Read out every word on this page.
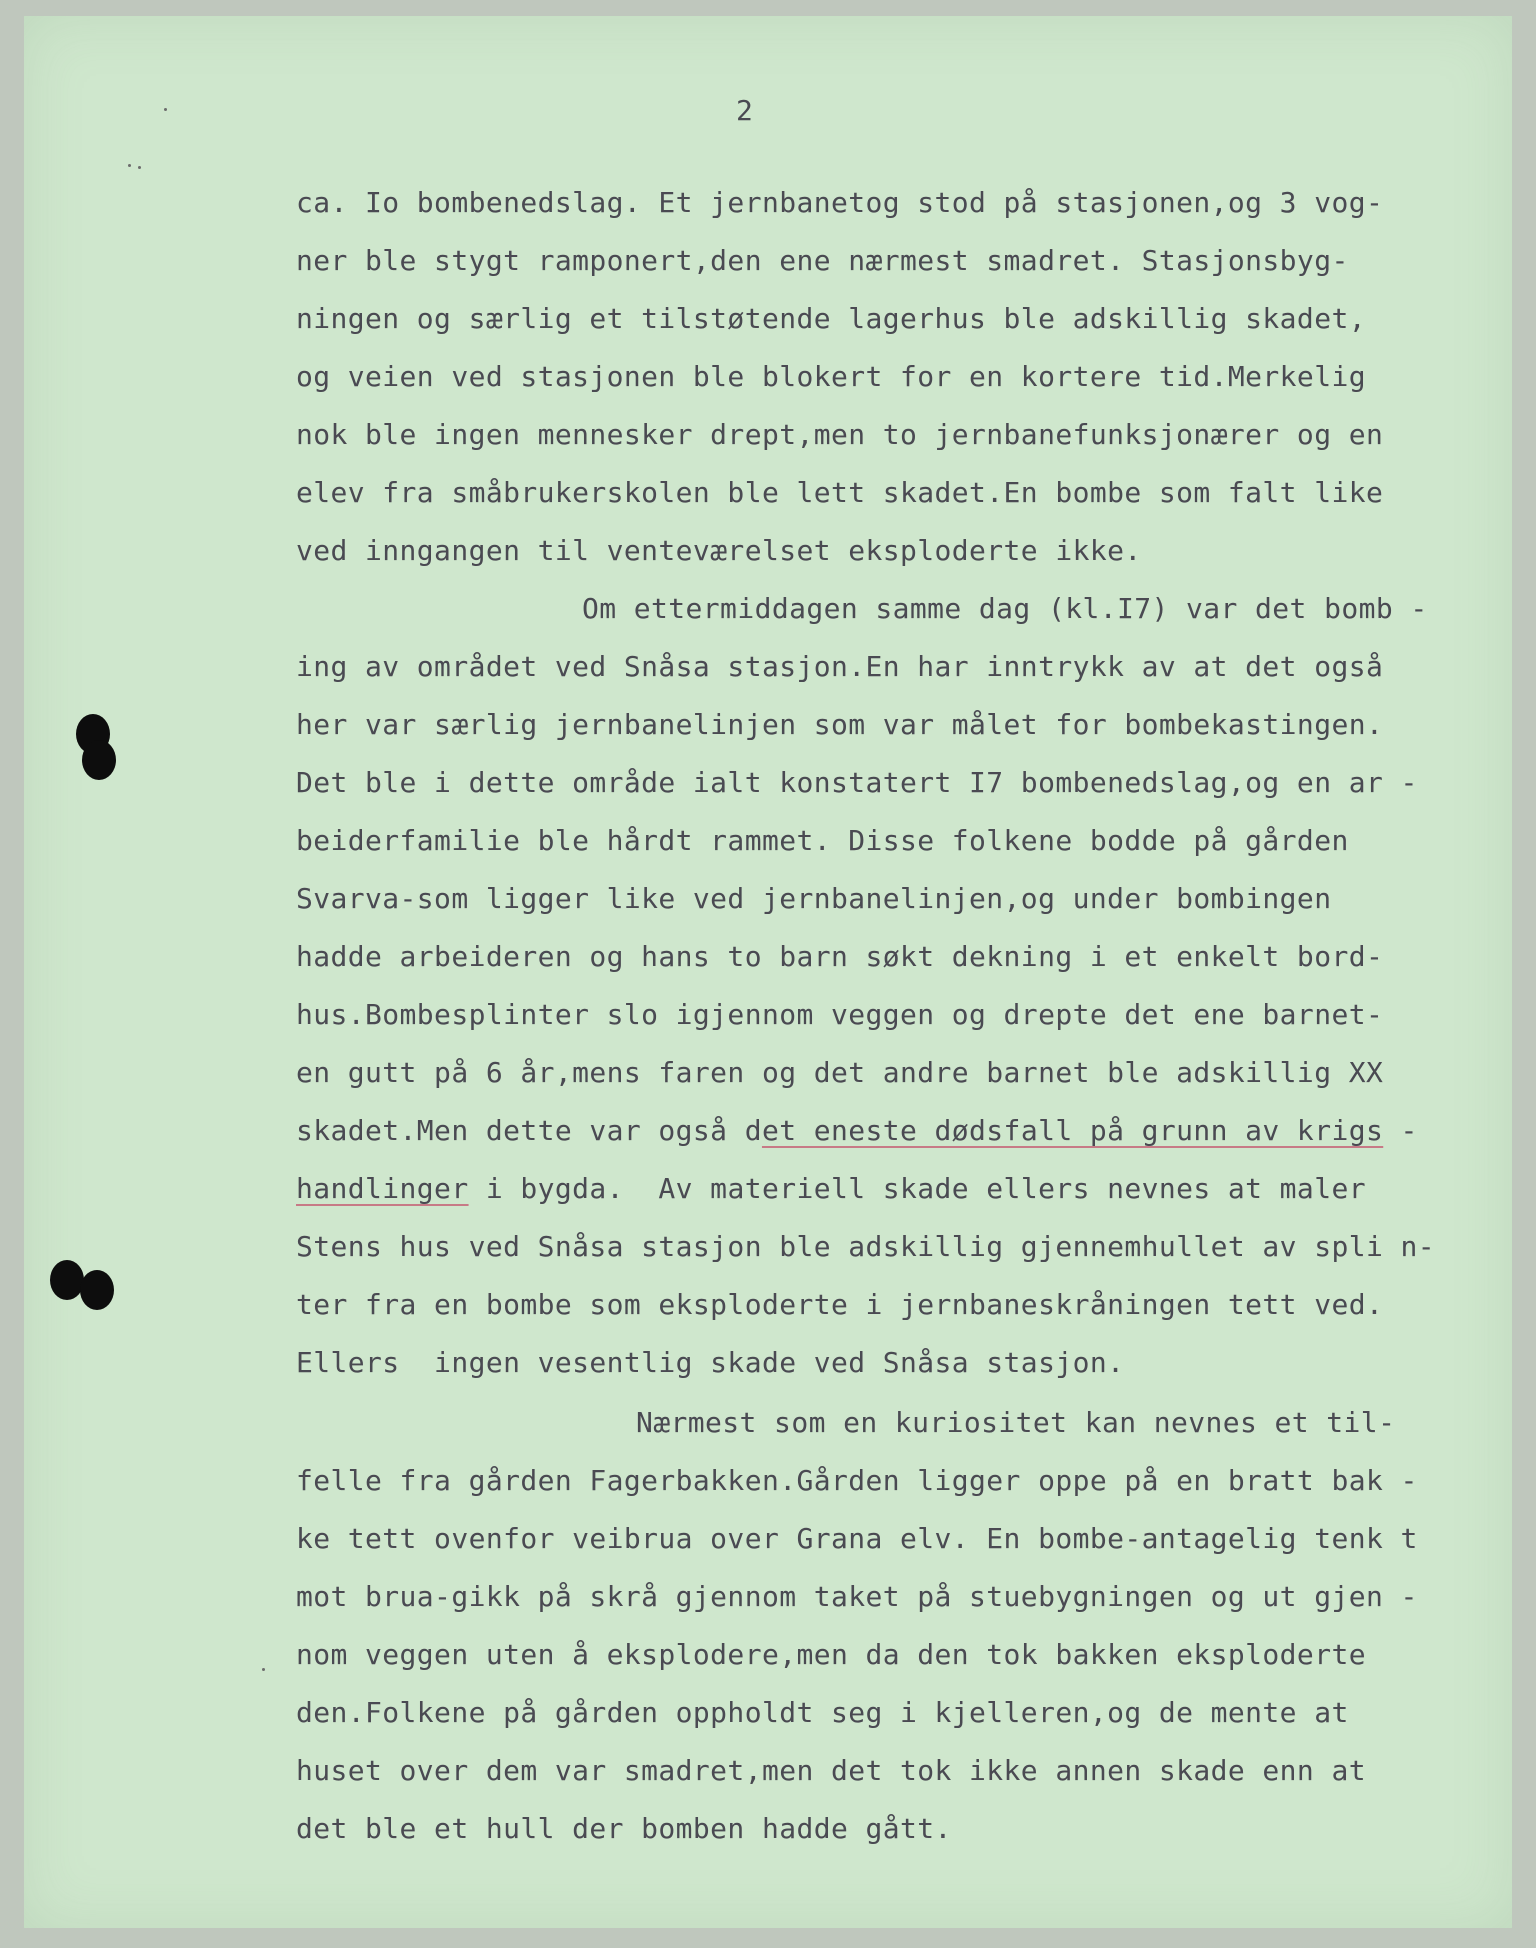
2
ca. Io bombenedslag. Et jernbanetog stod på stasjonen,og 3 vog-
ner ble stygt ramponert,den ene nærmest smadret. Stasjonsbyg-
ningen og særlig et tilstøtende lagerhus ble adskillig skadet,
og veien ved stasjonen ble blokert for en kortere tid.Merkelig
nok ble ingen mennesker drept,men to jernbanefunksjonærer og en
elev fra småbrukerskolen ble lett skadet.En bombe som falt like
ved inngangen til venteværelset eksploderte ikke.
Om ettermiddagen samme dag (kl.I7) var det bomb -
ing av området ved Snåsa stasjon.En har inntrykk av at det også
her var særlig jernbanelinjen som var målet for bombekastingen.
Det ble i dette område ialt konstatert I7 bombenedslag,og en ar -
beiderfamilie ble hårdt rammet. Disse folkene bodde på gården
Svarva-som ligger like ved jernbanelinjen,og under bombingen
hadde arbeideren og hans to barn søkt dekning i et enkelt bord-
hus.Bombesplinter slo igjennom veggen og drepte det ene barnet-
en gutt på 6 år,mens faren og det andre barnet ble adskillig XX
skadet.Men dette var også det eneste dødsfall på grunn av krigs -
handlinger i bygda.  Av materiell skade ellers nevnes at maler
Stens hus ved Snåsa stasjon ble adskillig gjennemhullet av spli n-
ter fra en bombe som eksploderte i jernbaneskråningen tett ved.
Ellers  ingen vesentlig skade ved Snåsa stasjon.
Nærmest som en kuriositet kan nevnes et til-
felle fra gården Fagerbakken.Gården ligger oppe på en bratt bak -
ke tett ovenfor veibrua over Grana elv. En bombe-antagelig tenk t
mot brua-gikk på skrå gjennom taket på stuebygningen og ut gjen -
nom veggen uten å eksplodere,men da den tok bakken eksploderte
den.Folkene på gården oppholdt seg i kjelleren,og de mente at
huset over dem var smadret,men det tok ikke annen skade enn at
det ble et hull der bomben hadde gått.
